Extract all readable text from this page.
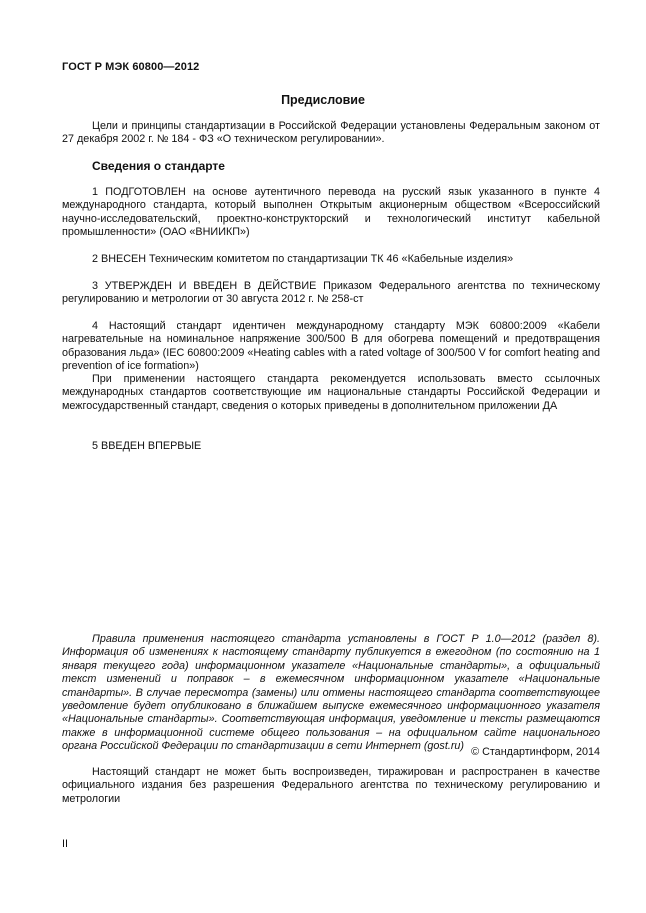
ГОСТ Р МЭК 60800—2012
Предисловие

Цели и принципы стандартизации в Российской Федерации установлены Федеральным законом от 27 декабря 2002 г. № 184 - ФЗ «О техническом регулировании».

Сведения о стандарте

1 ПОДГОТОВЛЕН на основе аутентичного перевода на русский язык указанного в пункте 4 международного стандарта, который выполнен Открытым акционерным обществом «Всероссийский научно-исследовательский, проектно-конструкторский и технологический институт кабельной промышленности» (ОАО «ВНИИКП»)

2 ВНЕСЕН Техническим комитетом по стандартизации ТК 46 «Кабельные изделия»

3 УТВЕРЖДЕН И ВВЕДЕН В ДЕЙСТВИЕ Приказом Федерального агентства по техническому регулированию и метрологии от 30 августа 2012 г. № 258-ст

4 Настоящий стандарт идентичен международному стандарту МЭК 60800:2009 «Кабели нагревательные на номинальное напряжение 300/500 В для обогрева помещений и предотвращения образования льда» (IEC 60800:2009 «Heating cables with a rated voltage of 300/500 V for comfort heating and prevention of ice formation»)

При применении настоящего стандарта рекомендуется использовать вместо ссылочных международных стандартов соответствующие им национальные стандарты Российской Федерации и межгосударственный стандарт, сведения о которых приведены в дополнительном приложении ДА

5 ВВЕДЕН ВПЕРВЫЕ

Правила применения настоящего стандарта установлены в ГОСТ Р 1.0—2012 (раздел 8). Информация об изменениях к настоящему стандарту публикуется в ежегодном (по состоянию на 1 января текущего года) информационном указателе «Национальные стандарты», а официальный текст изменений и поправок – в ежемесячном информационном указателе «Национальные стандарты». В случае пересмотра (замены) или отмены настоящего стандарта соответствующее уведомление будет опубликовано в ближайшем выпуске ежемесячного информационного указателя «Национальные стандарты». Соответствующая информация, уведомление и тексты размещаются также в информационной системе общего пользования – на официальном сайте национального органа Российской Федерации по стандартизации в сети Интернет (gost.ru) © Стандартинформ, 2014

Настоящий стандарт не может быть воспроизведен, тиражирован и распространен в качестве официального издания без разрешения Федерального агентства по техническому регулированию и метрологии

II
